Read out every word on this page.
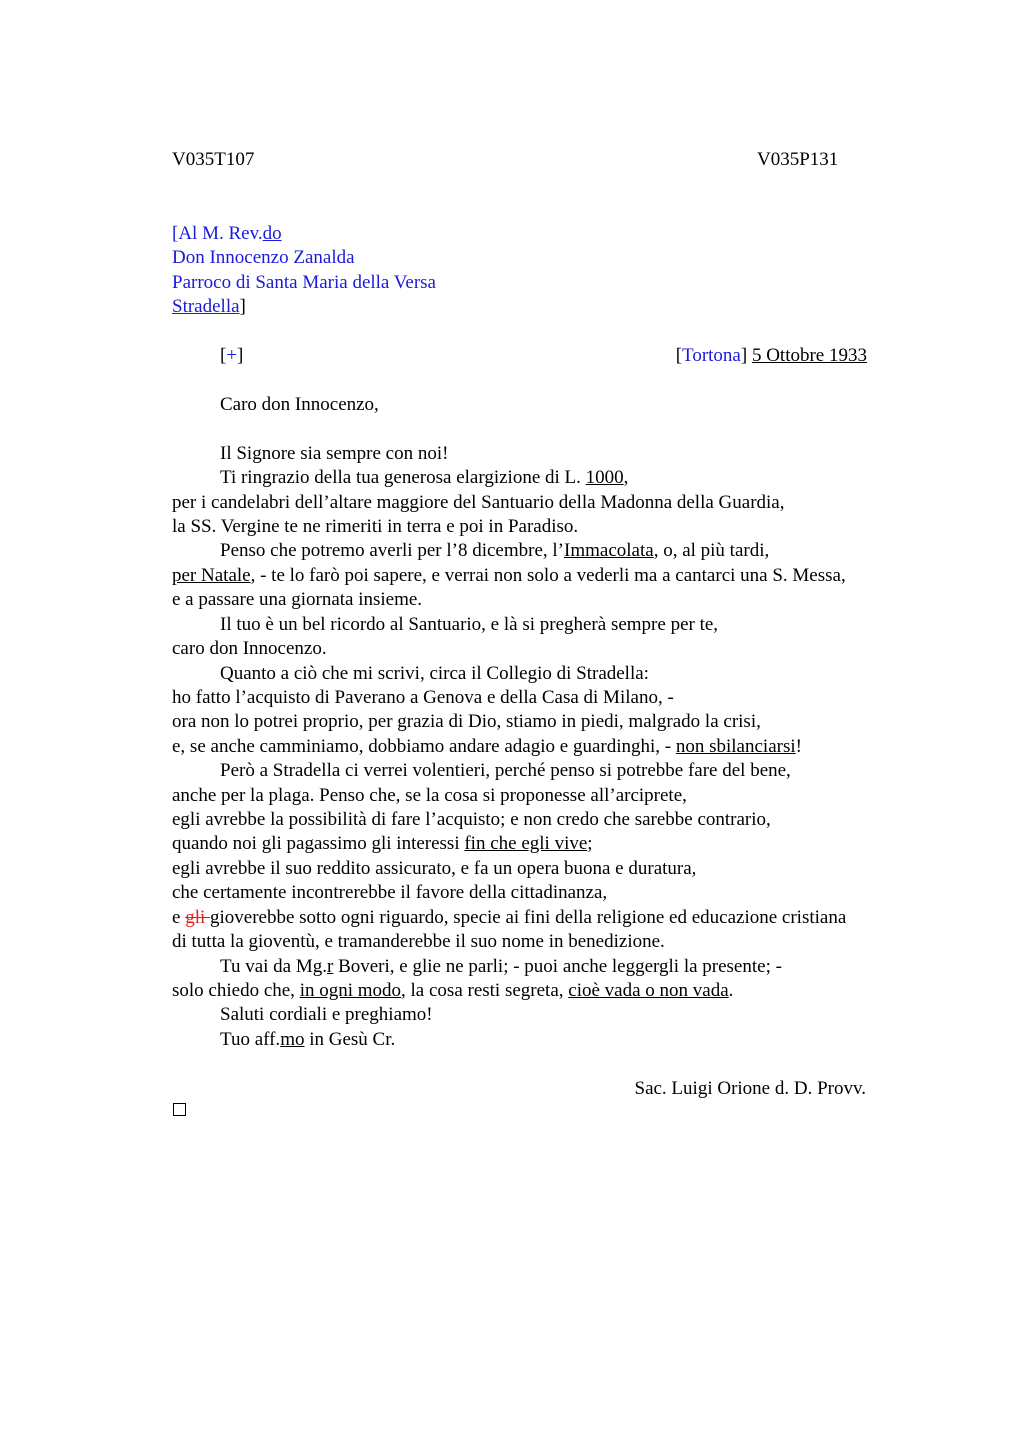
V035T107	V035P131
[Al M. Rev.do
Don Innocenzo Zanalda
Parroco di Santa Maria della Versa
Stradella]
[+]	[Tortona] 5 Ottobre 1933
Caro don Innocenzo,
Il Signore sia sempre con noi!
Ti ringrazio della tua generosa elargizione di L. 1000,
per i candelabri dell’altare maggiore del Santuario della Madonna della Guardia,
la SS. Vergine te ne rimeriti in terra e poi in Paradiso.
Penso che potremo averli per l’8 dicembre, l’Immacolata, o, al più tardi,
per Natale, - te lo farò poi sapere, e verrai non solo a vederli ma a cantarci una S. Messa,
e a passare una giornata insieme.
Il tuo è un bel ricordo al Santuario, e là si pregherà sempre per te,
caro don Innocenzo.
Quanto a ciò che mi scrivi, circa il Collegio di Stradella:
ho fatto l’acquisto di Paverano a Genova e della Casa di Milano, -
ora non lo potrei proprio, per grazia di Dio, stiamo in piedi, malgrado la crisi,
e, se anche camminiamo, dobbiamo andare adagio e guardinghi, - non sbilanciarsi!
Però a Stradella ci verrei volentieri, perché penso si potrebbe fare del bene,
anche per la plaga. Penso che, se la cosa si proponesse all’arciprete,
egli avrebbe la possibilità di fare l’acquisto; e non credo che sarebbe contrario,
quando noi gli pagassimo gli interessi fin che egli vive;
egli avrebbe il suo reddito assicurato, e fa un opera buona e duratura,
che certamente incontrerebbe il favore della cittadinanza,
e gli gioverebbe sotto ogni riguardo, specie ai fini della religione ed educazione cristiana
di tutta la gioventù, e tramanderebbe il suo nome in benedizione.
Tu vai da Mg.r Boveri, e glie ne parli; - puoi anche leggergli la presente; -
solo chiedo che, in ogni modo, la cosa resti segreta, cioè vada o non vada.
Saluti cordiali e preghiamo!
Tuo aff.mo in Gesù Cr.
Sac. Luigi Orione d. D. Provv.
